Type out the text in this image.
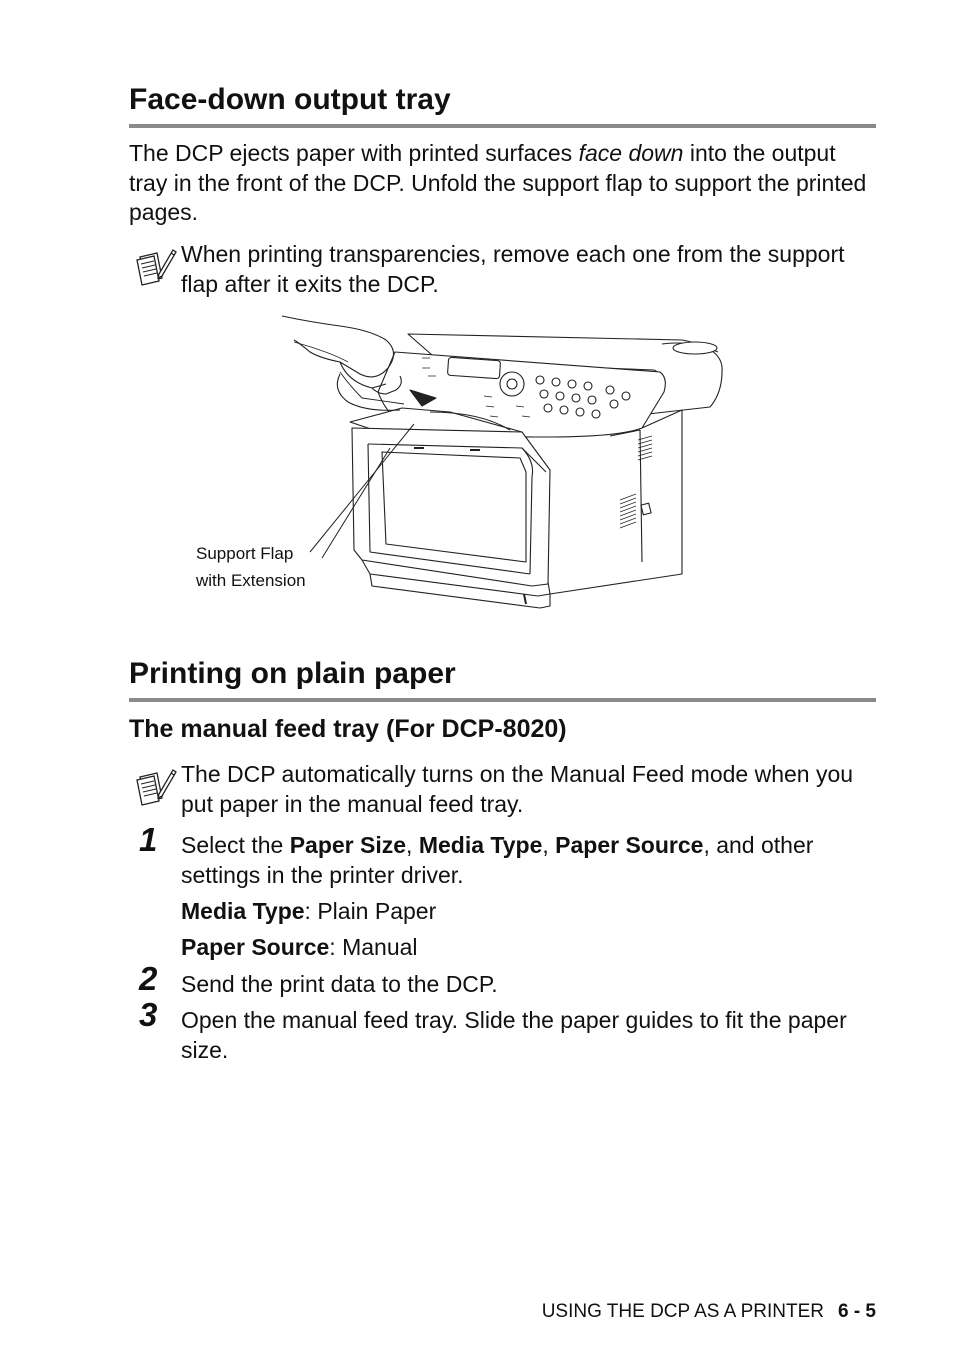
Face-down output tray

The DCP ejects paper with printed surfaces face down into the output tray in the front of the DCP. Unfold the support flap to support the printed pages.

When printing transparencies, remove each one from the support flap after it exits the DCP.

Support Flap
with Extension
Printing on plain paper
The manual feed tray (For DCP-8020)

The DCP automatically turns on the Manual Feed mode when you put paper in the manual feed tray.

1	Select the Paper Size, Media Type, Paper Source, and other settings in the printer driver.

Media Type: Plain Paper

Paper Source: Manual

2	Send the print data to the DCP.

3	Open the manual feed tray. Slide the paper guides to fit the paper size.

USING THE DCP AS A PRINTER 6 - 5
